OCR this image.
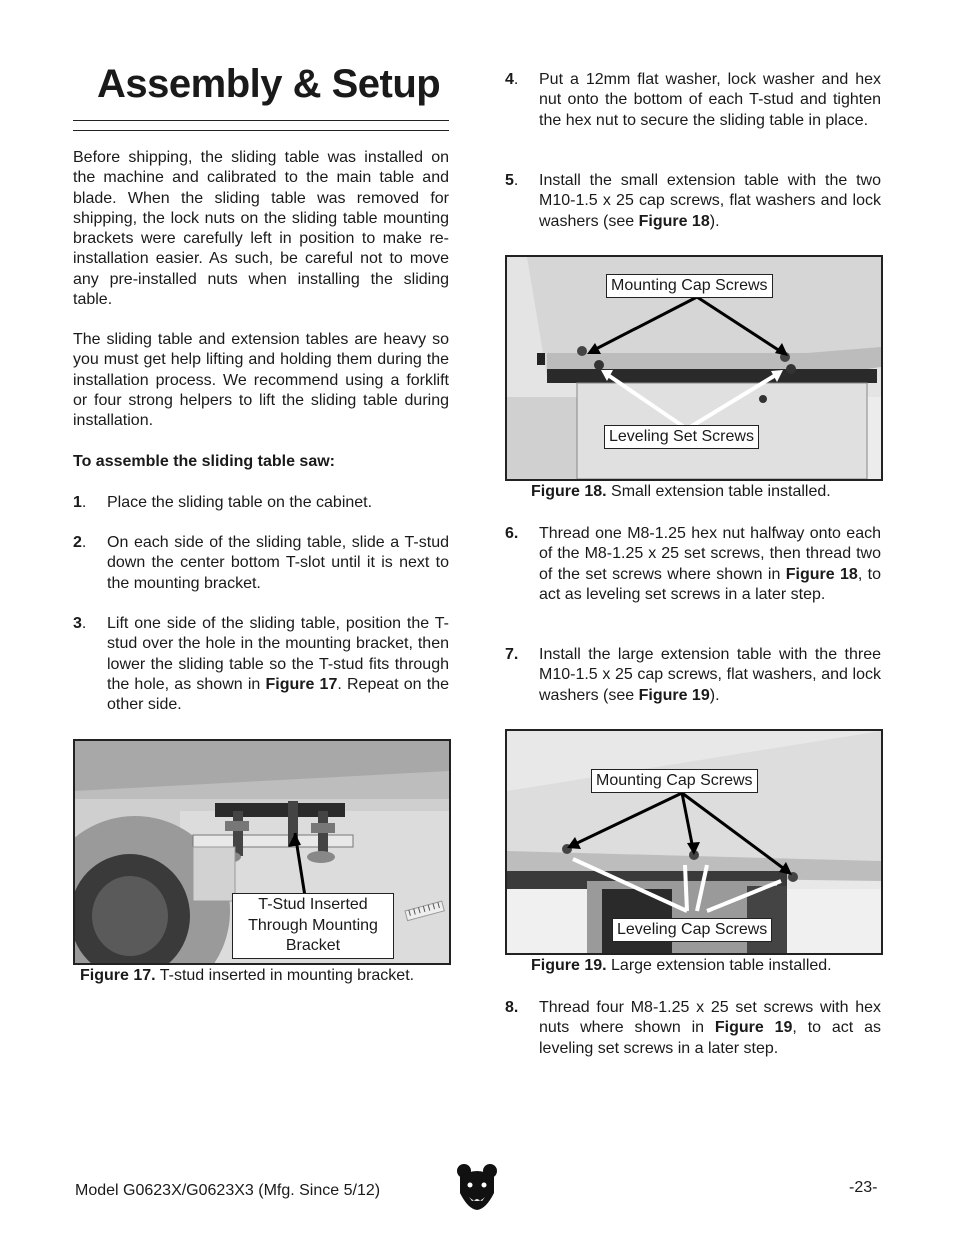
Assembly & Setup

Before shipping, the sliding table was installed on the machine and calibrated to the main table and blade. When the sliding table was removed for shipping, the lock nuts on the sliding table mounting brackets were carefully left in position to make re-installation easier. As such, be careful not to move any pre-installed nuts when installing the sliding table.

The sliding table and extension tables are heavy so you must get help lifting and holding them during the installation process. We recommend using a forklift or four strong helpers to lift the sliding table during installation.

To assemble the sliding table saw:
1. Place the sliding table on the cabinet.
2. On each side of the sliding table, slide a T-stud down the center bottom T-slot until it is next to the mounting bracket.
3. Lift one side of the sliding table, position the T-stud over the hole in the mounting bracket, then lower the sliding table so the T-stud fits through the hole, as shown in Figure 17. Repeat on the other side.
T-Stud Inserted
Through Mounting
Bracket
Figure 17. T-stud inserted in mounting bracket.
4. Put a 12mm flat washer, lock washer and hex nut onto the bottom of each T-stud and tighten the hex nut to secure the sliding table in place.
5. Install the small extension table with the two M10-1.5 x 25 cap screws, flat washers and lock washers (see Figure 18).
Mounting Cap Screws
Leveling Set Screws
Figure 18. Small extension table installed.
6. Thread one M8-1.25 hex nut halfway onto each of the M8-1.25 x 25 set screws, then thread two of the set screws where shown in Figure 18, to act as leveling set screws in a later step.
7. Install the large extension table with the three M10-1.5 x 25 cap screws, flat washers, and lock washers (see Figure 19).
Mounting Cap Screws
Leveling Cap Screws
Figure 19. Large extension table installed.
8. Thread four M8-1.25 x 25 set screws with hex nuts where shown in Figure 19, to act as leveling set screws in a later step.
Model G0623X/G0623X3 (Mfg. Since 5/12)	-23-
